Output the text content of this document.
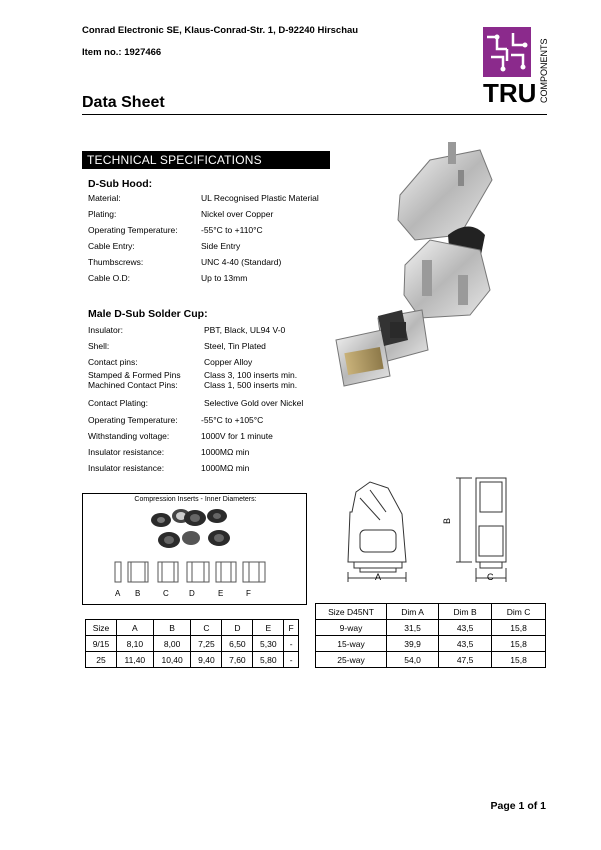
Conrad Electronic SE, Klaus-Conrad-Str. 1, D-92240 Hirschau
Item no.: 1927466
TRU COMPONENTS
Data Sheet
TECHNICAL SPECIFICATIONS
D-Sub Hood:
Material:	UL Recognised Plastic Material
Plating:	Nickel over Copper
Operating Temperature:	-55°C to +110°C
Cable Entry:	Side Entry
Thumbscrews:	UNC 4-40 (Standard)
Cable O.D:	Up to 13mm
Male D-Sub Solder Cup:
Insulator:	PBT, Black, UL94 V-0
Shell:	Steel, Tin Plated
Contact pins:	Copper Alloy
Stamped & Formed Pins	Class 3, 100 inserts min.
Machined Contact Pins:	Class 1, 500 inserts min.
Contact Plating:	Selective Gold over Nickel
Operating Temperature:	-55°C to +105°C
Withstanding voltage:	1000V for 1 minute
Insulator resistance:	1000MΩ min
Insulator resistance:	1000MΩ min
Compression Inserts - Inner Diameters:
A B	C	D	E	F
Size	A	B	C	D	E	F
9/15	8,10	8,00	7,25	6,50	5,30	-
25	11,40	10,40	9,40	7,60	5,80	-
A
B
C
Size D45NT	Dim A	Dim B	Dim C
9-way	31,5	43,5	15,8
15-way	39,9	43,5	15,8
25-way	54,0	47,5	15,8
Page 1 of 1
